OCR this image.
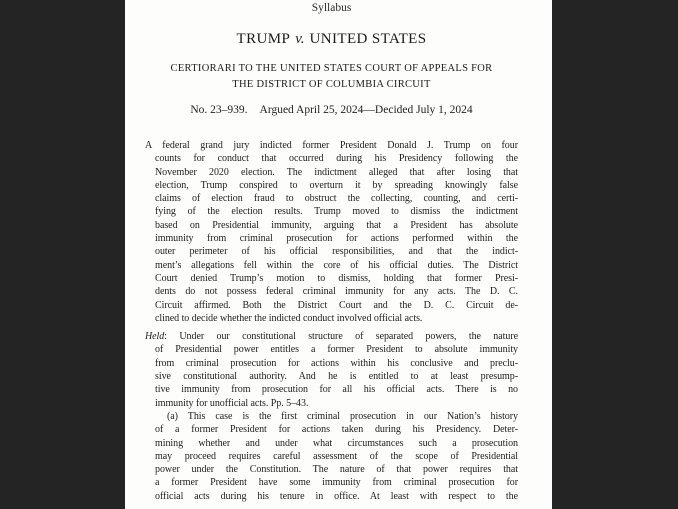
Syllabus
TRUMP v. UNITED STATES
CERTIORARI TO THE UNITED STATES COURT OF APPEALS FOR
THE DISTRICT OF COLUMBIA CIRCUIT
No. 23–939. Argued April 25, 2024—Decided July 1, 2024
A federal grand jury indicted former President Donald J. Trump on four
counts for conduct that occurred during his Presidency following the
November 2020 election. The indictment alleged that after losing that
election, Trump conspired to overturn it by spreading knowingly false
claims of election fraud to obstruct the collecting, counting, and certi-
fying of the election results. Trump moved to dismiss the indictment
based on Presidential immunity, arguing that a President has absolute
immunity from criminal prosecution for actions performed within the
outer perimeter of his official responsibilities, and that the indict-
ment’s allegations fell within the core of his official duties. The District
Court denied Trump’s motion to dismiss, holding that former Presi-
dents do not possess federal criminal immunity for any acts. The D. C.
Circuit affirmed. Both the District Court and the D. C. Circuit de-
clined to decide whether the indicted conduct involved official acts.
Held: Under our constitutional structure of separated powers, the nature
of Presidential power entitles a former President to absolute immunity
from criminal prosecution for actions within his conclusive and preclu-
sive constitutional authority. And he is entitled to at least presump-
tive immunity from prosecution for all his official acts. There is no
immunity for unofficial acts. Pp. 5–43.
(a) This case is the first criminal prosecution in our Nation’s history
of a former President for actions taken during his Presidency. Deter-
mining whether and under what circumstances such a prosecution
may proceed requires careful assessment of the scope of Presidential
power under the Constitution. The nature of that power requires that
a former President have some immunity from criminal prosecution for
official acts during his tenure in office. At least with respect to the
